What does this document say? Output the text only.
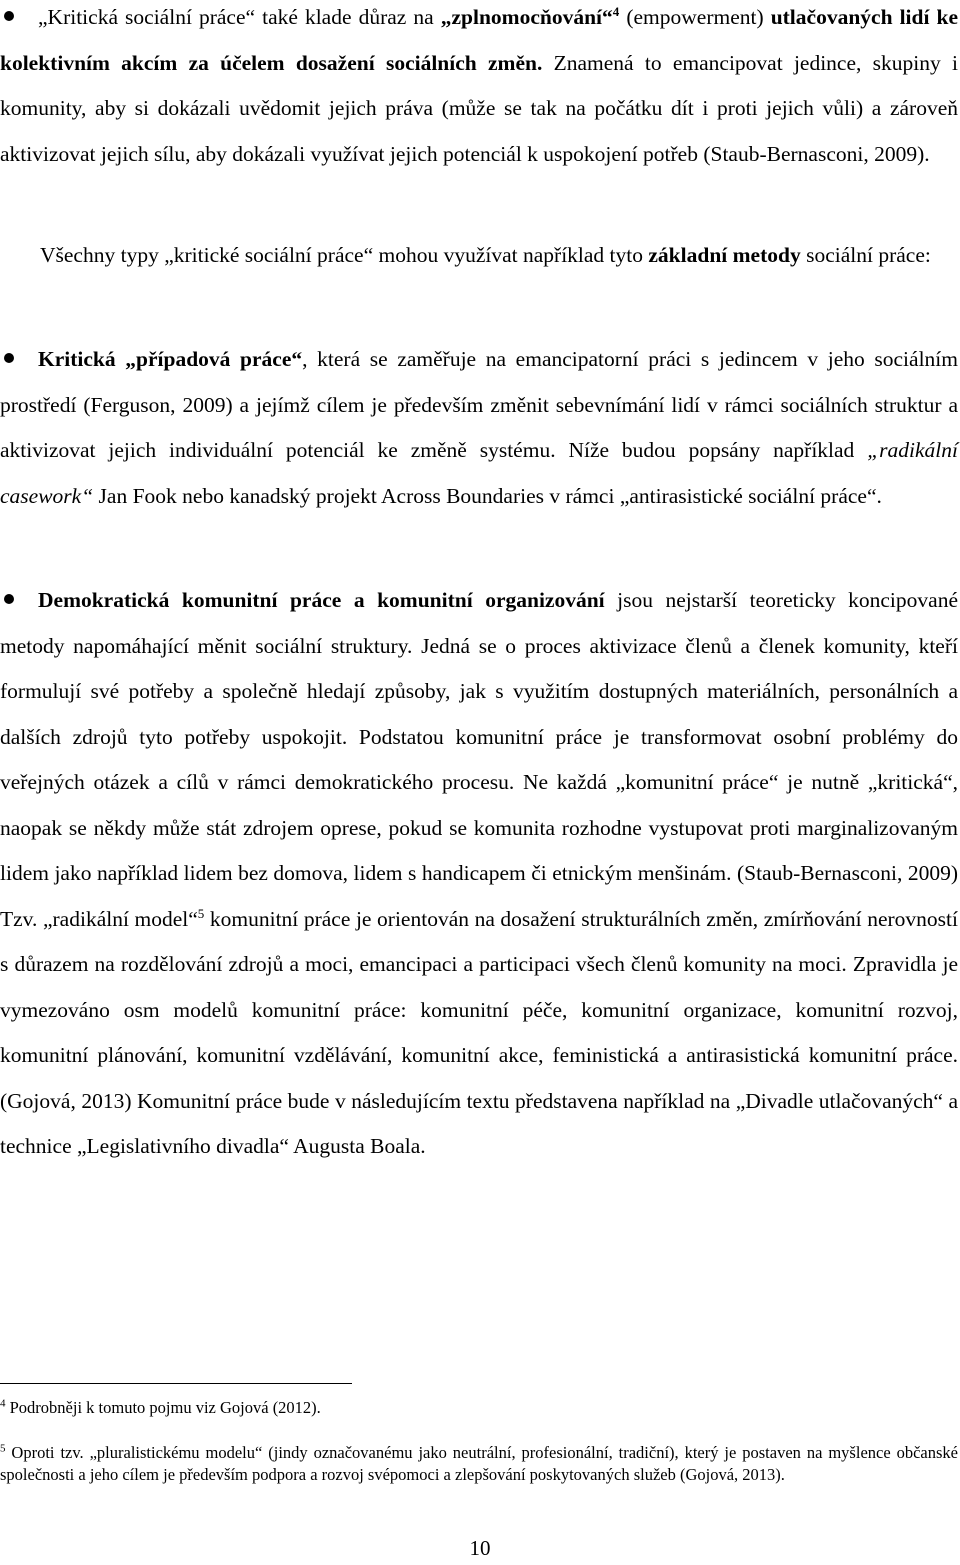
„Kritická sociální práce“ také klade důraz na „zplnomocňování“$^4$ (empowerment) utlačovaných lidí ke kolektivním akcím za účelem dosažení sociálních změn. Znamená to emancipovat jedince, skupiny i komunity, aby si dokázali uvědomit jejich práva (může se tak na počátku dít i proti jejich vůli) a zároveň aktivizovat jejich sílu, aby dokázali využívat jejich potenciál k uspokojení potřeb (Staub-Bernasconi, 2009).

Všechny typy „kritické sociální práce“ mohou využívat například tyto základní metody sociální práce:

Kritická „případová práce“, která se zaměřuje na emancipatorní práci s jedincem v jeho sociálním prostředí (Ferguson, 2009) a jejímž cílem je především změnit sebevnímání lidí v rámci sociálních struktur a aktivizovat jejich individuální potenciál ke změně systému. Níže budou popsány například „radikální casework“ Jan Fook nebo kanadský projekt Across Boundaries v rámci „antirasistické sociální práce“.

Demokratická komunitní práce a komunitní organizování jsou nejstarší teoreticky koncipované metody napomáhající měnit sociální struktury. Jedná se o proces aktivizace členů a členek komunity, kteří formulují své potřeby a společně hledají způsoby, jak s využitím dostupných materiálních, personálních a dalších zdrojů tyto potřeby uspokojit. Podstatou komunitní práce je transformovat osobní problémy do veřejných otázek a cílů v rámci demokratického procesu. Ne každá „komunitní práce“ je nutně „kritická“, naopak se někdy může stát zdrojem oprese, pokud se komunita rozhodne vystupovat proti marginalizovaným lidem jako například lidem bez domova, lidem s handicapem či etnickým menšinám. (Staub-Bernasconi, 2009) Tzv. „radikální model“$^5$ komunitní práce je orientován na dosažení strukturálních změn, zmírňování nerovností s důrazem na rozdělování zdrojů a moci, emancipaci a participaci všech členů komunity na moci. Zpravidla je vymezováno osm modelů komunitní práce: komunitní péče, komunitní organizace, komunitní rozvoj, komunitní plánování, komunitní vzdělávání, komunitní akce, feministická a antirasistická komunitní práce. (Gojová, 2013) Komunitní práce bude v následujícím textu představena například na „Divadle utlačovaných“ a technice „Legislativního divadla“ Augusta Boala.

$^4$ Podrobněji k tomuto pojmu viz Gojová (2012).

$^5$ Oproti tzv. „pluralistickému modelu“ (jindy označovanému jako neutrální, profesionální, tradiční), který je postaven na myšlence občanské společnosti a jeho cílem je především podpora a rozvoj svépomoci a zlepšování poskytovaných služeb (Gojová, 2013).

10
